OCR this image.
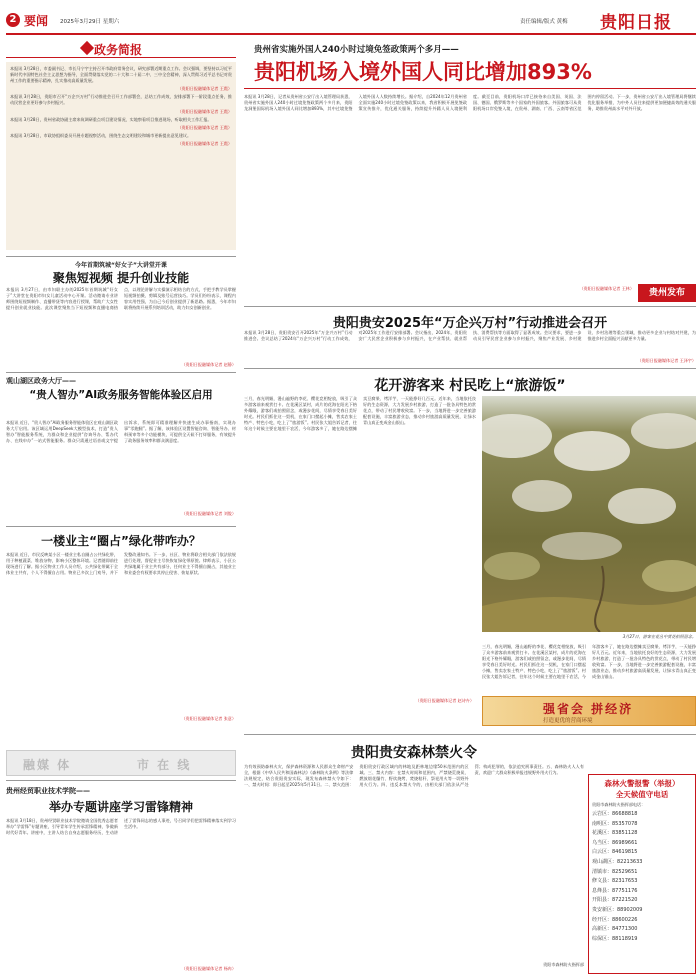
2 要闻 2025年3月29日 星期六	责任编辑/版式 黄梅 贵阳日报
政务简报

本报讯 3月28日，市委副书记、市长马宁宇主持召开市政府常务会议，研究部署近期重点工作。会议强调，要坚持以习近平新时代中国特色社会主义思想为指导，全面贯彻落实党的二十大和二十届二中、三中全会精神，深入贯彻习近平总书记对贵州工作的重要指示精神，扎实推动高质量发展。

（贵阳日报融媒体记者 王霞）

本报讯 3月28日，贵阳市召开“万企兴万村”行动推进会召开工作部署会，总结工作成效，安排部署下一阶段重点任务，推动民营企业更好参与乡村振兴。

（贵阳日报融媒体记者 王霞）

本报讯 3月28日，贵州省政协副主席来筑调研重点项目建设情况，实地察看项目推进现场，听取相关工作汇报。

（贵阳日报融媒体记者 王霞）

本报讯 3月28日，市政协组织委员开展专题视察活动，围绕生态文明建设和城市更新提出意见建议。

（贵阳日报融媒体记者 王霞）

贵州省实施外国人240小时过境免签政策两个多月——
贵阳机场入境外国人同比增加893%
本报讯 3月28日，记者从贵州省公安厅出入境管理局获悉，贵州省实施外国人240小时过境免签政策两个多月来，贵阳龙洞堡国际机场入境外国人同比增加893%，其中过境免签入境外国人人数持续增长。据介绍，自2024年12月贵州省全面实施240小时过境免签政策以来，我省积极开展免签政策宣传推介，优化通关服务，持续提升外籍人员入境便利度。截至目前，贵阳机场口岸已接待来自美国、英国、法国、德国、俄罗斯等多个国家的外国旅客。外国旅客可从贵阳机场口岸免签入境，在贵州、湖南、广西、云南等省区范围内停留活动。下一步，贵州省公安厅出入境管理局将继续优化服务举措，为中外人员往来提供更加便捷高效的通关服务，助推贵州高水平对外开放。
（贵阳日报融媒体记者 王林）	贵州发布
今年首期筑城“好女子”大讲堂开课
聚焦短视频 提升创业技能
本报讯 3月27日，由市妇联主办的2025年首期筑城“好女子”大讲堂在贵阳市妇女儿童活动中心开课。活动邀请专业讲师围绕短视频制作、直播带货等内容进行授课，帮助广大女性提升创业就业技能。此次课堂聚焦当下短视频和直播电商热点，以理论讲解与实操演示相结合的方式，手把手教学员掌握短视频拍摄、剪辑及账号运营技巧。学员们纷纷表示，课程内容实用性强，为自己今后创业提供了新思路。据悉，今年市妇联将持续开展系列培训活动，助力妇女创新创业。
（贵阳日报融媒体记者 赵静）
观山湖区政务大厅——
“贵人智办”AI政务服务智能体验区启用
本报讯 近日，“贵人智办”AI政务服务智能体验区在观山湖区政务大厅启用。该区域运用DeepSeek大模型技术，打造“贵人智办”智能服务系统，为群众和企业提供“咨询导办、帮办代办、在线申办”一站式智能服务。群众只需通过语音或文字提出诉求，系统即可精准理解并快速生成办事指南，实现办事“零跑腿”。据了解，该体验区设置智能咨询、智能导办、材料预审等多个功能模块，可提供全天候不打烊服务，有效提升了政务服务效率和群众满意度。
（贵阳日报融媒体记者 刘俊）
一楼业主“圈占”绿化带咋办？
本报讯 近日，市民反映某小区一楼业主私自圈占公共绿化带，用于种植蔬菜、堆放杂物，影响小区整体环境。记者随即前往现场进行了解。据小区物业工作人员介绍，公共绿化带属于全体业主共有，个人不得擅自占用。物业已多次上门劝导，并下发整改通知书。下一步，社区、物业将联合相关部门依法依规进行处理，督促业主尽快恢复绿化带原貌。律师表示，小区公共绿地属于业主共有部分，任何业主不得擅自圈占，其他业主和业委会有权要求其停止侵害、恢复原状。
（贵阳日报融媒体记者 张意）
融媒 体	市 在 线
贵州经贸职业技术学院——
举办专题讲座学习雷锋精神
本报讯 3月18日，贵州经贸职业技术学院邀请全国优秀志愿者举办“学雷锋”专题讲座，引导青年学生传承雷锋精神，争做新时代好青年。讲座中，主讲人结合自身志愿服务经历，生动讲述了雷锋同志的感人事迹，号召同学们把雷锋精神落实到学习生活中。
（贵阳日报融媒体记者 杨冉）
贵阳贵安2025年“万企兴万村”行动推进会召开
本报讯 3月28日，贵阳贵安召开2025年“万企兴万村”行动推进会。会议总结了2024年“万企兴万村”行动工作成效，对2025年工作进行安排部署。会议指出，2024年，贵阳贵安广大民营企业积极参与乡村振兴，在产业帮扶、就业帮扶、消费帮扶等方面取得了显著成效。会议要求，要进一步动员引导民营企业参与乡村振兴，聚焦产业发展、乡村建设、乡村治理等重点领域，推动更多企业与村结对共建，为推进乡村全面振兴贡献更多力量。
（贵阳日报融媒体记者 王泽宇）
花开游客来 村民吃上“旅游饭”
三月，春光明媚，漫山遍野的李花、樱花竞相绽放，吸引了众多游客前来观赏打卡。在花溪区某村，成片的花海在阳光下格外耀眼，游客们或拍照留念，或漫步花间，尽情享受春日美好时光。村民们抓住这一契机，在家门口摆起小摊，售卖农家土特产、特色小吃，吃上了“旅游饭”。村民张大姐告诉记者，往年这个时候主要在地里干农活，今年游客多了，她在路边摆摊卖豆腐果、烤洋芋，一天能挣好几百元。近年来，当地依托良好的生态资源，大力发展乡村旅游，打造了一批各具特色的赏花点，带动了村民增收致富。下一步，当地将进一步完善旅游配套设施，丰富旅游业态，推动乡村旅游高质量发展，让绿水青山真正变成金山银山。
3月27日，游客在花丛中赏花拍照留念。
三月，春光明媚，漫山遍野的李花、樱花竞相绽放，吸引了众多游客前来观赏打卡。在花溪区某村，成片的花海在阳光下格外耀眼，游客们或拍照留念，或漫步花间，尽情享受春日美好时光。村民们抓住这一契机，在家门口摆起小摊，售卖农家土特产、特色小吃，吃上了“旅游饭”。村民张大姐告诉记者，往年这个时候主要在地里干农活，今年游客多了，她在路边摆摊卖豆腐果、烤洋芋，一天能挣好几百元。近年来，当地依托良好的生态资源，大力发展乡村旅游，打造了一批各具特色的赏花点，带动了村民增收致富。下一步，当地将进一步完善旅游配套设施，丰富旅游业态，推动乡村旅游高质量发展，让绿水青山真正变成金山银山。
强省会 拼经济
打造更优的营商环境
（贵阳日报融媒体记者 赵诗卉）
贵阳贵安森林禁火令
为有效预防森林火灾，保护森林资源和人民群众生命财产安全，根据《中华人民共和国森林法》《森林防火条例》等法律法规规定，结合贵阳贵安实际，现发布森林禁火令如下：一、禁火时间：即日起至2025年5月31日。二、禁火范围：贵阳贵安行政区域内的林地及距林地边缘50米范围内的区域。三、禁火内容：在禁火时间和范围内，严禁烧荒烧炭、燃放烟花爆竹、野炊烧烤、焚烧秸秆、祭祀用火等一切野外用火行为。四、违反本禁火令的，由相关部门依法从严处罚；构成犯罪的，依法追究刑事责任。五、森林防火人人有责，欢迎广大群众积极举报违规野外用火行为。
贵阳市森林防火指挥部
森林火警报警（举报）
全天候值守电话
贵阳市森林防火指挥部电话：
云岩区：86688818
南明区：85357078
花溪区：83851128
乌当区：86989661
白云区：84619815
观山湖区：82213633
清镇市：82529651
修文县：82317653
息烽县：87751176
开阳县：87221520
贵安新区：88902009
经开区：88600226
高新区：84771300
综保区：88118919
